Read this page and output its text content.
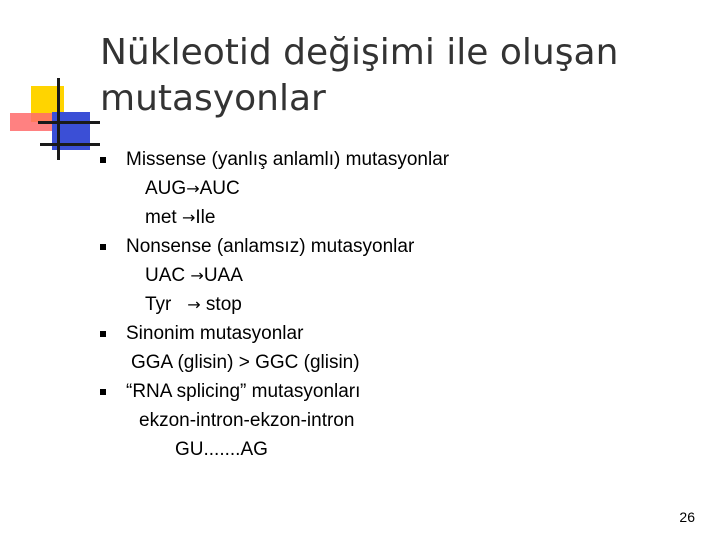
Nükleotid değişimi ile oluşan
mutasyonlar
Missense (yanlış anlamlı) mutasyonlar
AUG→AUC
met →Ile
Nonsense (anlamsız) mutasyonlar
UAC →UAA
Tyr   → stop
Sinonim mutasyonlar
GGA (glisin) > GGC (glisin)
“RNA splicing” mutasyonları
ekzon-intron-ekzon-intron
GU.......AG
26
